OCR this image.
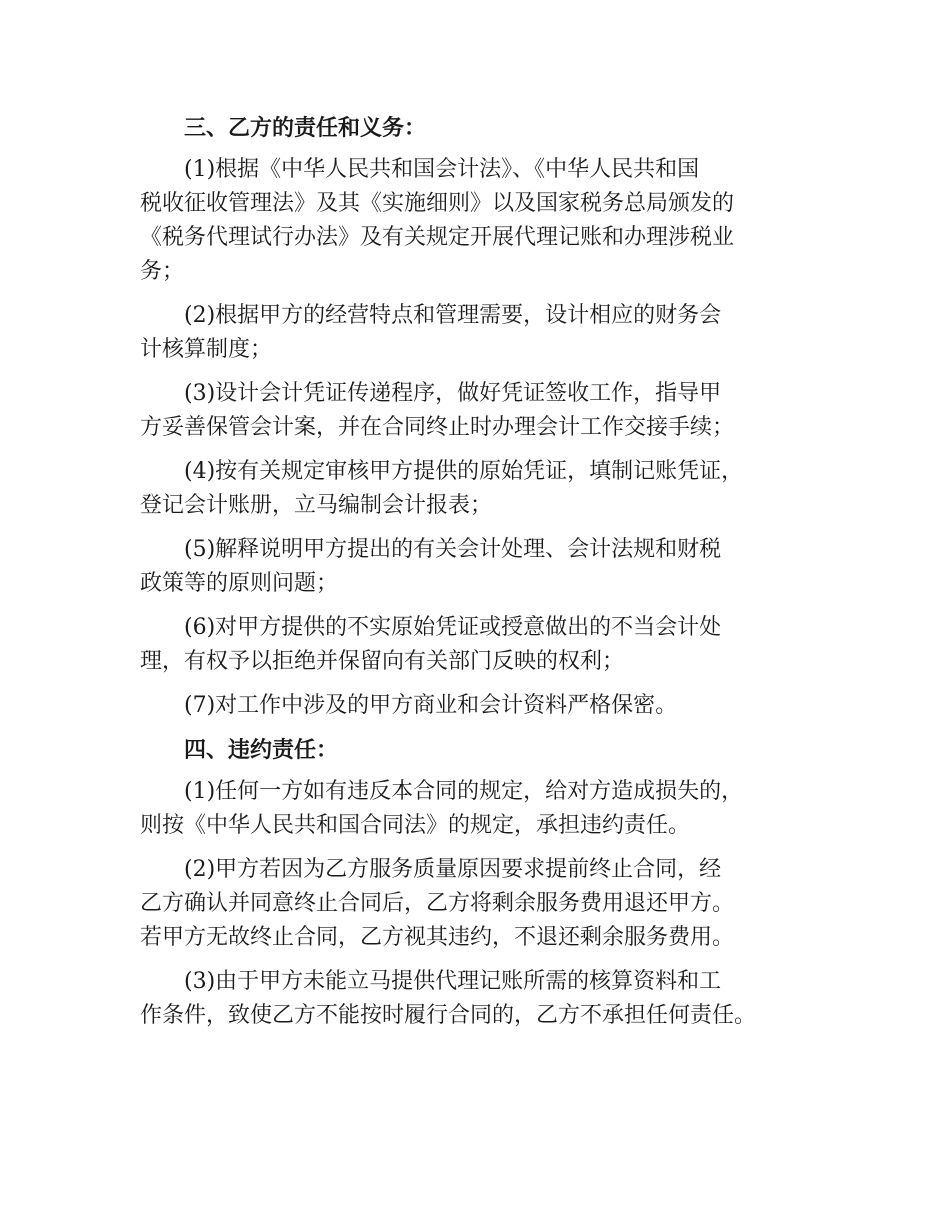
三、乙方的责任和义务：
(1)根据《中华人民共和国会计法》、《中华人民共和国
税收征收管理法》及其《实施细则》以及国家税务总局颁发的
《税务代理试行办法》及有关规定开展代理记账和办理涉税业
务；
(2)根据甲方的经营特点和管理需要，设计相应的财务会
计核算制度；
(3)设计会计凭证传递程序，做好凭证签收工作，指导甲
方妥善保管会计案，并在合同终止时办理会计工作交接手续；
(4)按有关规定审核甲方提供的原始凭证，填制记账凭证，
登记会计账册，立马编制会计报表；
(5)解释说明甲方提出的有关会计处理、会计法规和财税
政策等的原则问题；
(6)对甲方提供的不实原始凭证或授意做出的不当会计处
理，有权予以拒绝并保留向有关部门反映的权利；
(7)对工作中涉及的甲方商业和会计资料严格保密。
四、违约责任：
(1)任何一方如有违反本合同的规定，给对方造成损失的，
则按《中华人民共和国合同法》的规定，承担违约责任。
(2)甲方若因为乙方服务质量原因要求提前终止合同，经
乙方确认并同意终止合同后，乙方将剩余服务费用退还甲方。
若甲方无故终止合同，乙方视其违约，不退还剩余服务费用。
(3)由于甲方未能立马提供代理记账所需的核算资料和工
作条件，致使乙方不能按时履行合同的，乙方不承担任何责任。
